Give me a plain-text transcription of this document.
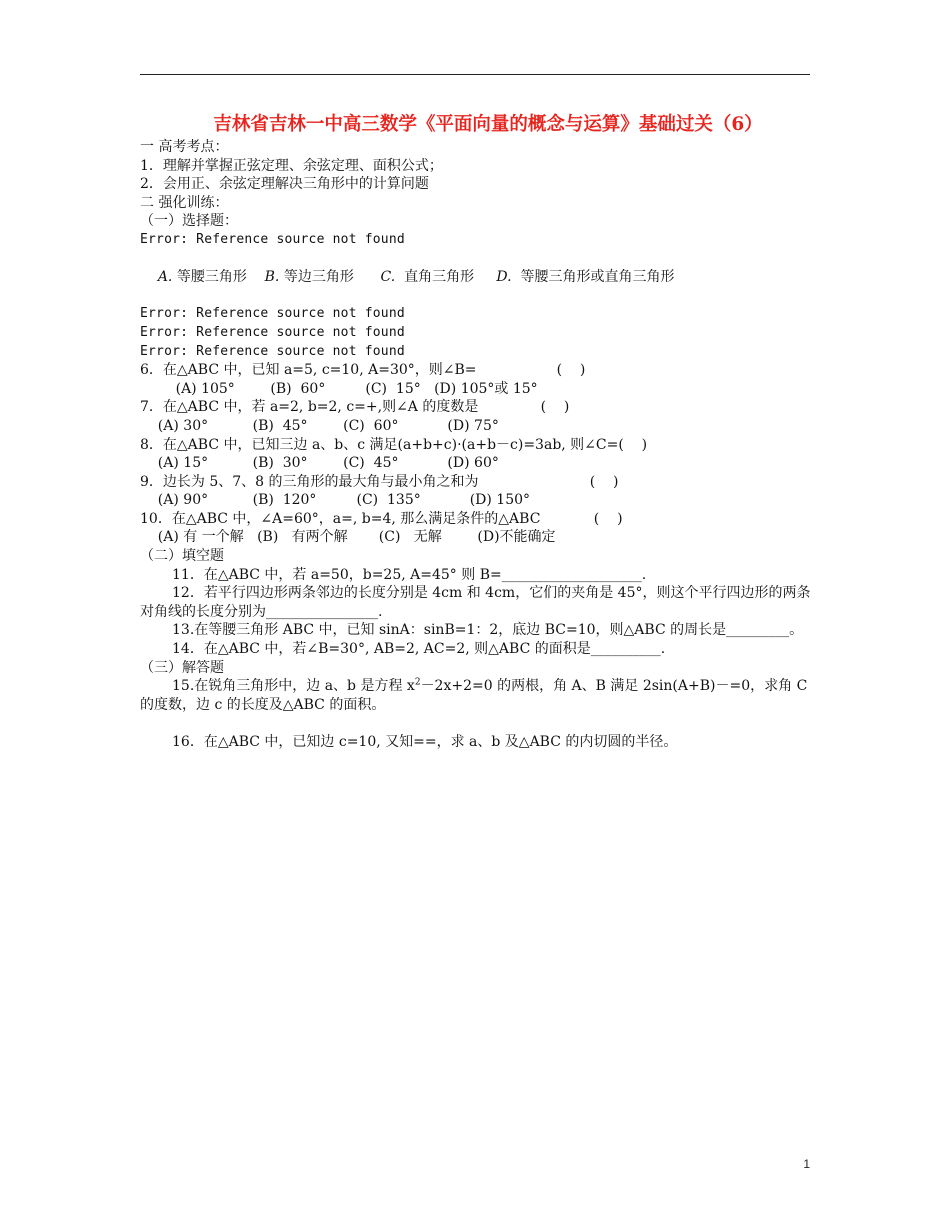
吉林省吉林一中高三数学《平面向量的概念与运算》基础过关（6）
一 高考考点：
1．理解并掌握正弦定理、余弦定理、面积公式；
2．会用正、余弦定理解决三角形中的计算问题
二 强化训练：
（一）选择题：
Error: Reference source not found

A. 等腰三角形    B. 等边三角形      C.  直角三角形     D.  等腰三角形或直角三角形

Error: Reference source not found
Error: Reference source not found
Error: Reference source not found
6．在△ABC 中，已知 a=5, c=10, A=30°，则∠B=                  (    )
(A) 105°        (B)  60°         (C)  15°   (D) 105°或 15°
7．在△ABC 中，若 a=2, b=2, c=+,则∠A 的度数是              (    )
(A) 30°          (B)  45°        (C)  60°           (D) 75°
8．在△ABC 中，已知三边 a、b、c 满足(a+b+c)·(a+b－c)=3ab, 则∠C=(    )
(A) 15°          (B)  30°        (C)  45°           (D) 60°
9．边长为 5、7、8 的三角形的最大角与最小角之和为                         (    )
(A) 90°          (B)  120°         (C)  135°           (D) 150°
10．在△ABC 中，∠A=60°，a=, b=4, 那么满足条件的△ABC            (    )
(A) 有 一个解   (B)   有两个解       (C)   无解        (D)不能确定
（二）填空题
11．在△ABC 中，若 a=50，b=25, A=45° 则 B=____________________.
12．若平行四边形两条邻边的长度分别是 4cm 和 4cm，它们的夹角是 45°，则这个平行四边形的两条对角线的长度分别为________________.
13.在等腰三角形 ABC 中，已知 sinA：sinB=1：2，底边 BC=10，则△ABC 的周长是_________。
14．在△ABC 中，若∠B=30°, AB=2, AC=2, 则△ABC 的面积是__________.
（三）解答题
15.在锐角三角形中，边 a、b 是方程 $x^2-2x+2=0$ 的两根，角 A、B 满足 2sin(A+B)－=0，求角 C 的度数，边 c 的长度及△ABC 的面积。
16．在△ABC 中，已知边 c=10, 又知==，求 a、b 及△ABC 的内切圆的半径。
1
